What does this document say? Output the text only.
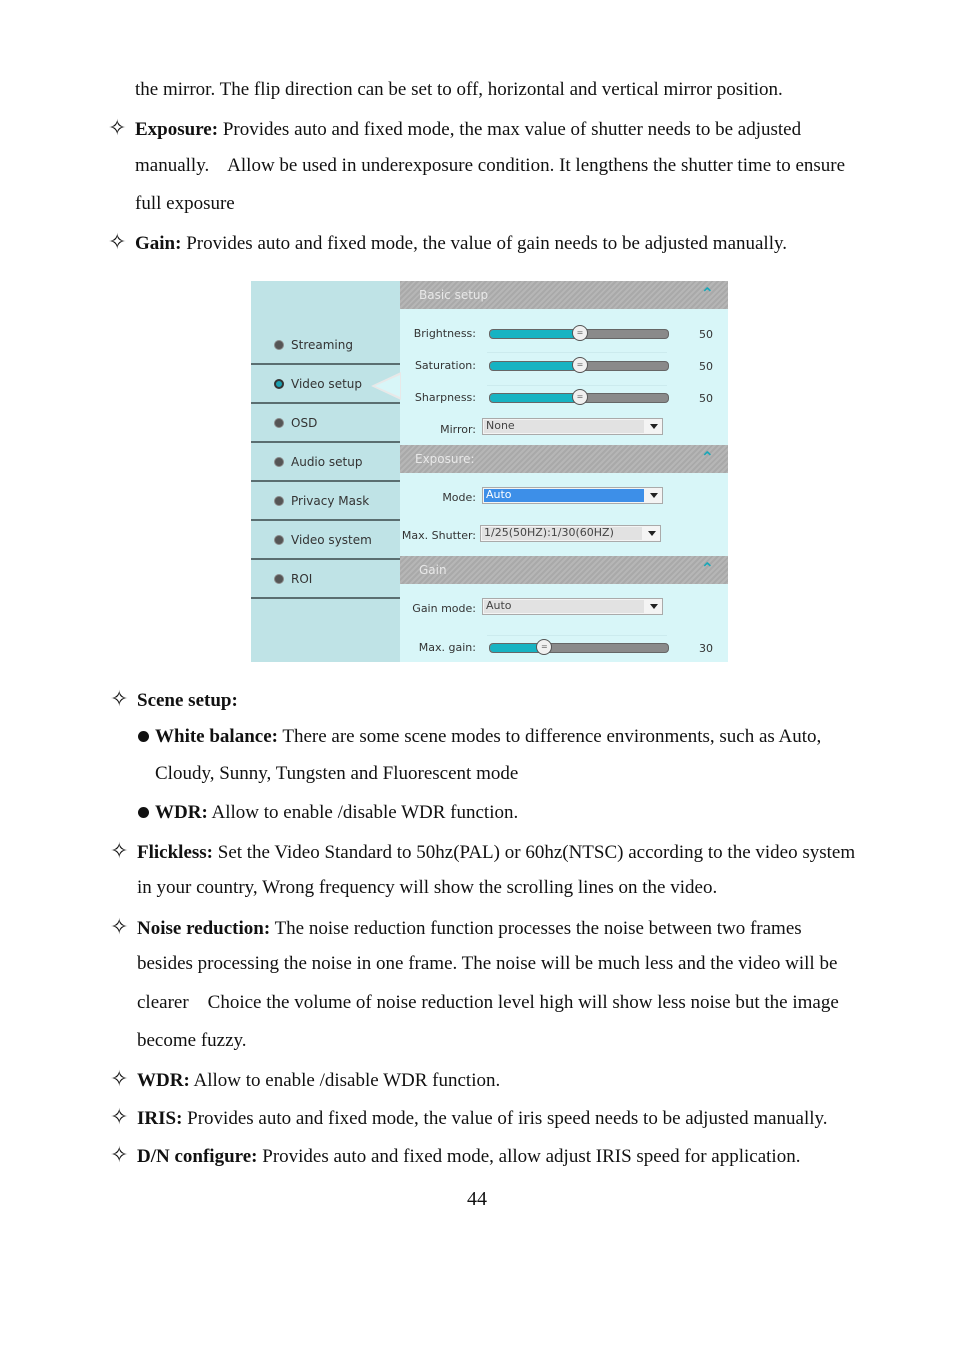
the mirror. The flip direction can be set to off, horizontal and vertical mirror position.
✧ Exposure: Provides auto and fixed mode, the max value of shutter needs to be adjusted
manually.    Allow be used in underexposure condition. It lengthens the shutter time to ensure
full exposure
✧ Gain: Provides auto and fixed mode, the value of gain needs to be adjusted manually.
Streaming
Video setup
OSD
Audio setup
Privacy Mask
Video system
ROI
Basic setup	⌃
Brightness:	=	50
Saturation:	=	50
Sharpness:	=	50
Mirror: None
Exposure:	⌃
Mode: Auto
Max. Shutter: 1/25(50HZ):1/30(60HZ)
Gain	⌃
Gain mode: Auto
Max. gain:	=	30
✧ Scene setup:
White balance: There are some scene modes to difference environments, such as Auto,
Cloudy, Sunny, Tungsten and Fluorescent mode
WDR: Allow to enable /disable WDR function.
✧ Flickless: Set the Video Standard to 50hz(PAL) or 60hz(NTSC) according to the video system
in your country, Wrong frequency will show the scrolling lines on the video.
✧ Noise reduction: The noise reduction function processes the noise between two frames
besides processing the noise in one frame. The noise will be much less and the video will be
clearer    Choice the volume of noise reduction level high will show less noise but the image
become fuzzy.
✧ WDR: Allow to enable /disable WDR function.
✧ IRIS: Provides auto and fixed mode, the value of iris speed needs to be adjusted manually.
✧ D/N configure: Provides auto and fixed mode, allow adjust IRIS speed for application.
44
